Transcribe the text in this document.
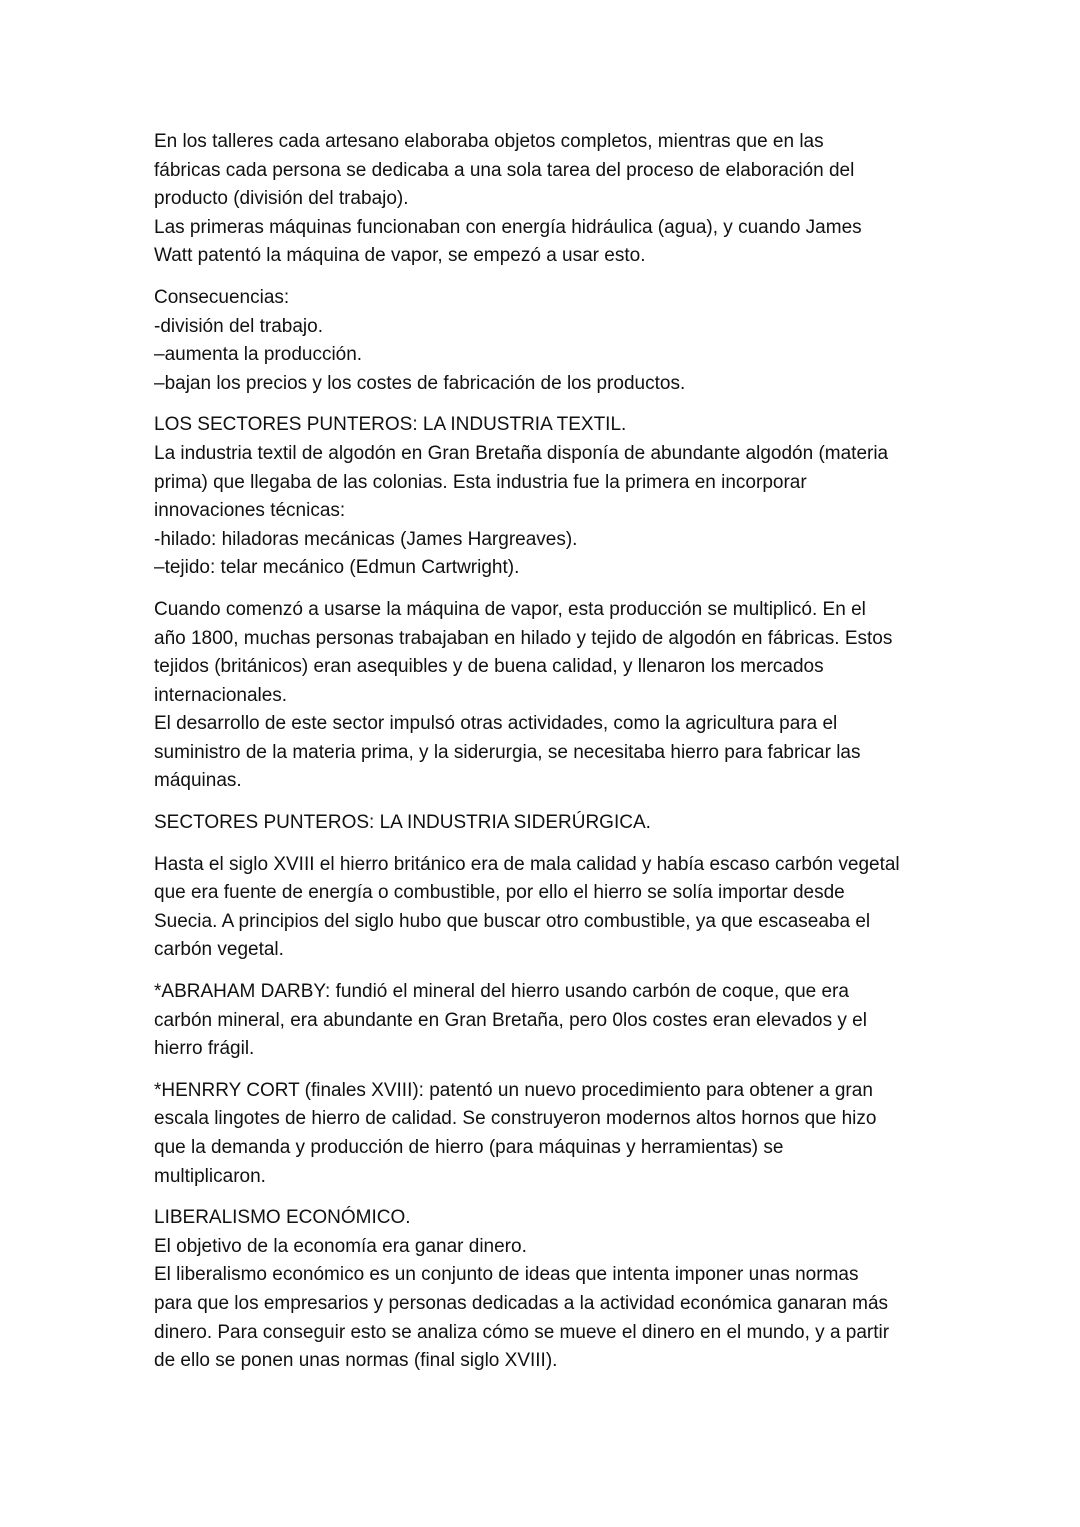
En los talleres cada artesano elaboraba objetos completos, mientras que en las
fábricas cada persona se dedicaba a una sola tarea del proceso de elaboración del
producto (división del trabajo).
Las primeras máquinas funcionaban con energía hidráulica (agua), y cuando James
Watt patentó la máquina de vapor, se empezó a usar esto.
Consecuencias:
-división del trabajo.
–aumenta la producción.
–bajan los precios y los costes de fabricación de los productos.
LOS SECTORES PUNTEROS: LA INDUSTRIA TEXTIL.
La industria textil de algodón en Gran Bretaña disponía de abundante algodón (materia
prima) que llegaba de las colonias. Esta industria fue la primera en incorporar
innovaciones técnicas:
-hilado: hiladoras mecánicas (James Hargreaves).
–tejido: telar mecánico (Edmun Cartwright).
Cuando comenzó a usarse la máquina de vapor, esta producción se multiplicó. En el
año 1800, muchas personas trabajaban en hilado y tejido de algodón en fábricas. Estos
tejidos (británicos) eran asequibles y de buena calidad, y llenaron los mercados
internacionales.
El desarrollo de este sector impulsó otras actividades, como la agricultura para el
suministro de la materia prima, y la siderurgia, se necesitaba hierro para fabricar las
máquinas.
SECTORES PUNTEROS: LA INDUSTRIA SIDERÚRGICA.
Hasta el siglo XVIII el hierro británico era de mala calidad y había escaso carbón vegetal
que era fuente de energía o combustible, por ello el hierro se solía importar desde
Suecia. A principios del siglo hubo que buscar otro combustible, ya que escaseaba el
carbón vegetal.
*ABRAHAM DARBY: fundió el mineral del hierro usando carbón de coque, que era
carbón mineral, era abundante en Gran Bretaña, pero 0los costes eran elevados y el
hierro frágil.
*HENRRY CORT (finales XVIII): patentó un nuevo procedimiento para obtener a gran
escala lingotes de hierro de calidad. Se construyeron modernos altos hornos que hizo
que la demanda y producción de hierro (para máquinas y herramientas) se
multiplicaron.
LIBERALISMO ECONÓMICO.
El objetivo de la economía era ganar dinero.
El liberalismo económico es un conjunto de ideas que intenta imponer unas normas
para que los empresarios y personas dedicadas a la actividad económica ganaran más
dinero. Para conseguir esto se analiza cómo se mueve el dinero en el mundo, y a partir
de ello se ponen unas normas (final siglo XVIII).
